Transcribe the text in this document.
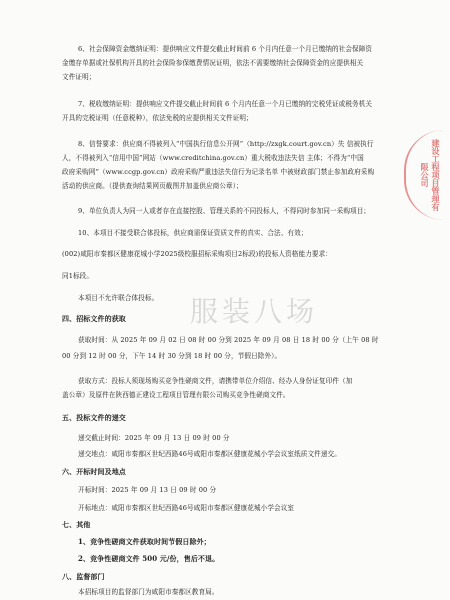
6、社会保障资金缴纳证明：提供响应文件提交截止时间前 6 个月内任意一个月已缴纳的社会保障资
金缴存单据或社保机构开具的社会保险参保缴费情况证明，依法不需要缴纳社会保障资金的应提供相关
文件证明；
7、税收缴纳证明：提供响应文件提交截止时间前 6 个月内任意一个月已缴纳的完税凭证或税务机关
开具的完税证明（任意税种），依法免税的应提供相关文件证明；
8、信誉要求：供应商不得被列入“中国执行信息公开网”（http://zxgk.court.gov.cn）失 信被执行
人，不得被列入“信用中国”网站（www.creditchina.gov.cn）重大税收违法失信 主体；不得为“中国
政府采购网”（www.ccgp.gov.cn）政府采购严重违法失信行为记录名单 中被财政部门禁止参加政府采购
活动的供应商。（提供查询结果网页截图并加盖供应商公章）；
9、单位负责人为同一人或者存在直接控股、管理关系的不同投标人，不得同时参加同一采购项目；
10、本项目不接受联合体投标，供应商需保证资质文件的真实、合法、有效；
(002)咸阳市秦都区健康花城小学2025级校服招标采购项目2标段)的投标人资格能力要求：
同1标段。
本项目不允许联合体投标。
四、招标文件的获取
获取时间：从 2025 年 09 月 02 日 08 时 00 分到 2025 年 09 月 08 日 18 时 00 分（上午 08 时
00 分到 12 时 00 分，下午 14 时 30 分到 18 时 00 分，节假日除外）。
获取方式：投标人须现场购买竞争性磋商文件，请携带单位介绍信、经办人身份证复印件（加
盖公章）及原件在陕西德正建设工程项目管理有限公司购买竞争性磋商文件。
五、投标文件的递交
递交截止时间：2025 年 09 月 13 日 09 时 00 分
递交地点：咸阳市秦都区世纪西路46号咸阳市秦都区健康花城小学会议室纸质文件递交。
六、开标时间及地点
开标时间：2025 年 09 月 13 日 09 时 00 分
开标地点：咸阳市秦都区世纪西路46号咸阳市秦都区健康花城小学会议室
七、其他
1、竞争性磋商文件获取时间节假日除外；
2、竞争性磋商文件 500 元/份，售后不退。
八、监督部门
本招标项目的监督部门为咸阳市秦都区教育局。
服装八场
建设工程项目管理有限公司
